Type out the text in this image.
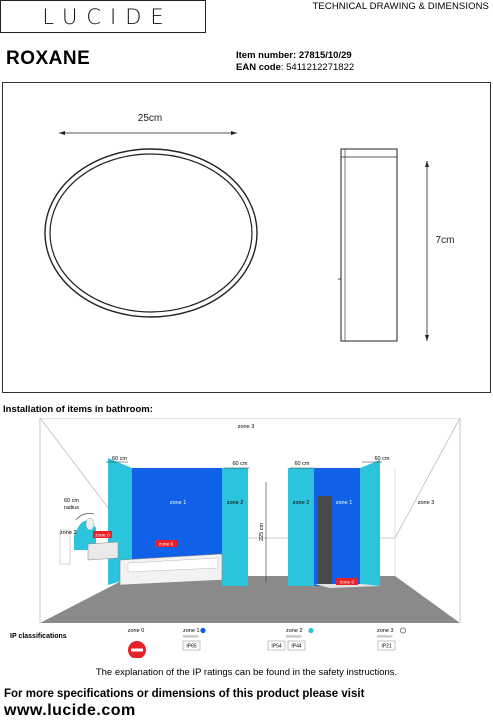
LUCIDE	TECHNICAL DRAWING & DIMENSIONS
ROXANE	Item number: 27815/10/29
EAN code: 5411212271822
25cm
7cm
Installation of items in bathroom:
zone 3
zone 3
60 cm
60 cm	60 cm
60 cm
225 cm
60 cm
radius
zone 2	zone 0
zone 1	zone 2
zone 0
zone 2	zone 1
zone 0
IP classifications
zone 0	zone 1
minimum
IP65
zone 2
minimum
IP54 IP44
zone 3
minimum
IP21
The explanation of the IP ratings can be found in the safety instructions.
For more specifications or dimensions of this product please visit
www.lucide.com
